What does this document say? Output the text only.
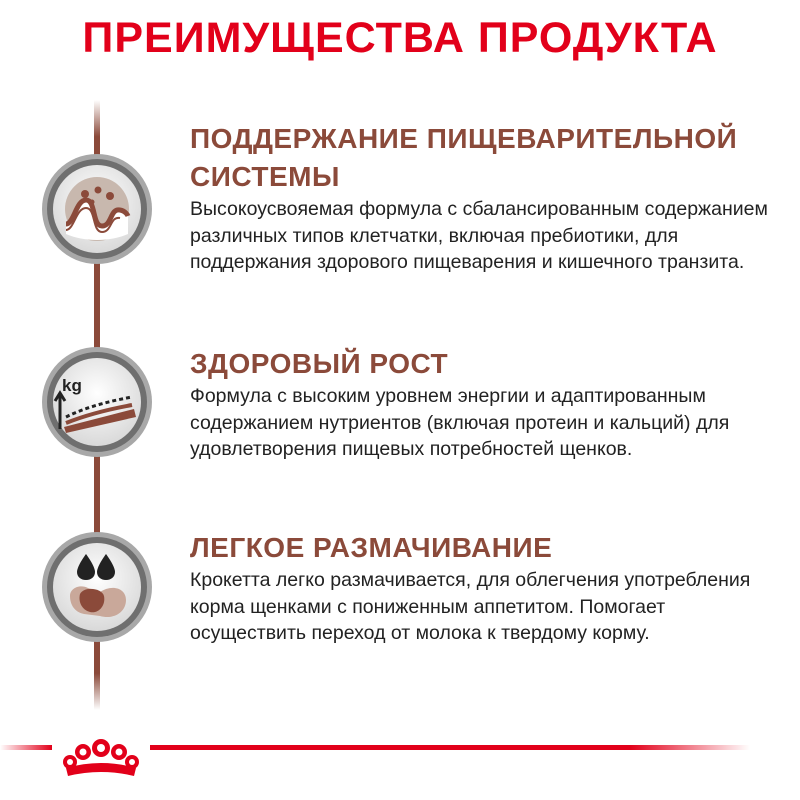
ПРЕИМУЩЕСТВА ПРОДУКТА
ПОДДЕРЖАНИЕ ПИЩЕВАРИТЕЛЬНОЙ
СИСТЕМЫ

Высокоусвояемая формула с сбалансированным содержанием различных типов клетчатки, включая пребиотики, для поддержания здорового пищеварения и кишечного транзита.

kg
ЗДОРОВЫЙ РОСТ

Формула с высоким уровнем энергии и адаптированным содержанием нутриентов (включая протеин и кальций) для удовлетворения пищевых потребностей щенков.

ЛЕГКОЕ РАЗМАЧИВАНИЕ

Крокетта легко размачивается, для облегчения употребления корма щенками с пониженным аппетитом. Помогает осуществить переход от молока к твердому корму.
